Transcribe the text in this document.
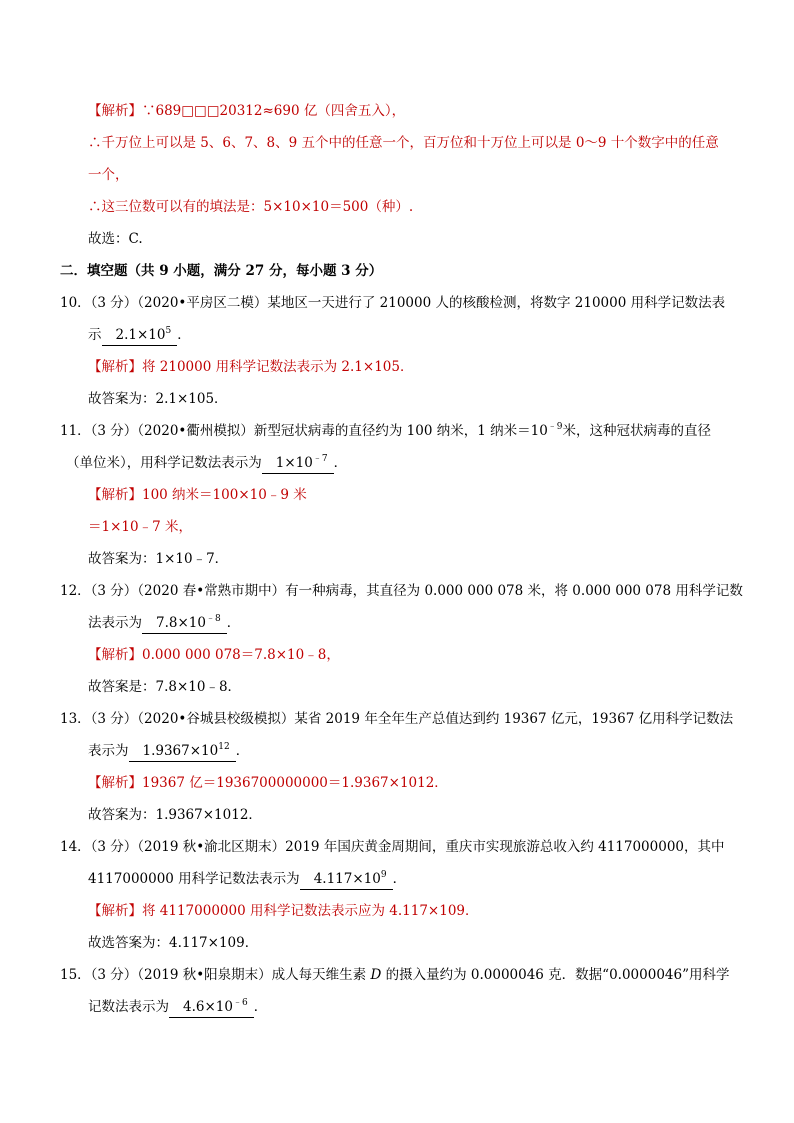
【解析】∵689□□□20312≈690 亿（四舍五入），
∴千万位上可以是 5、6、7、8、9 五个中的任意一个，百万位和十万位上可以是 0～9 十个数字中的任意
一个，
∴这三位数可以有的填法是：5×10×10＝500（种）.
故选：C.
二．填空题（共 9 小题，满分 27 分，每小题 3 分）
10．（3 分）（2020•平房区二模）某地区一天进行了 210000 人的核酸检测，将数字 210000 用科学记数法表
示 $2.1\times 10^5$ ．
【解析】将 210000 用科学记数法表示为 2.1×105．
故答案为：2.1×105．
11．（3 分）（2020•衢州模拟）新型冠状病毒的直径约为 100 纳米，1 纳米$=10^{﹣9}$米，这种冠状病毒的直径
（单位米），用科学记数法表示为 $1\times 10^{﹣7}$ ．
【解析】100 纳米＝100×10﹣9 米
＝1×10﹣7 米，
故答案为：1×10﹣7．
12．（3 分）（2020 春•常熟市期中）有一种病毒，其直径为 0.000 000 078 米，将 0.000 000 078 用科学记数
法表示为 $7.8\times 10^{﹣8}$ ．
【解析】0.000 000 078＝7.8×10﹣8，
故答案是：7.8×10﹣8．
13．（3 分）（2020•谷城县校级模拟）某省 2019 年全年生产总值达到约 19367 亿元，19367 亿用科学记数法
表示为 $1.9367\times 10^{12}$ ．
【解析】19367 亿＝1936700000000＝1.9367×1012．
故答案为：1.9367×1012．
14．（3 分）（2019 秋•渝北区期末）2019 年国庆黄金周期间，重庆市实现旅游总收入约 4117000000，其中
4117000000 用科学记数法表示为 $4.117\times 10^9$ ．
【解析】将 4117000000 用科学记数法表示应为 4.117×109．
故选答案为：4.117×109．
15．（3 分）（2019 秋•阳泉期末）成人每天维生素 D 的摄入量约为 0.0000046 克．数据“0.0000046”用科学
记数法表示为 $4.6\times 10^{﹣6}$ ．
